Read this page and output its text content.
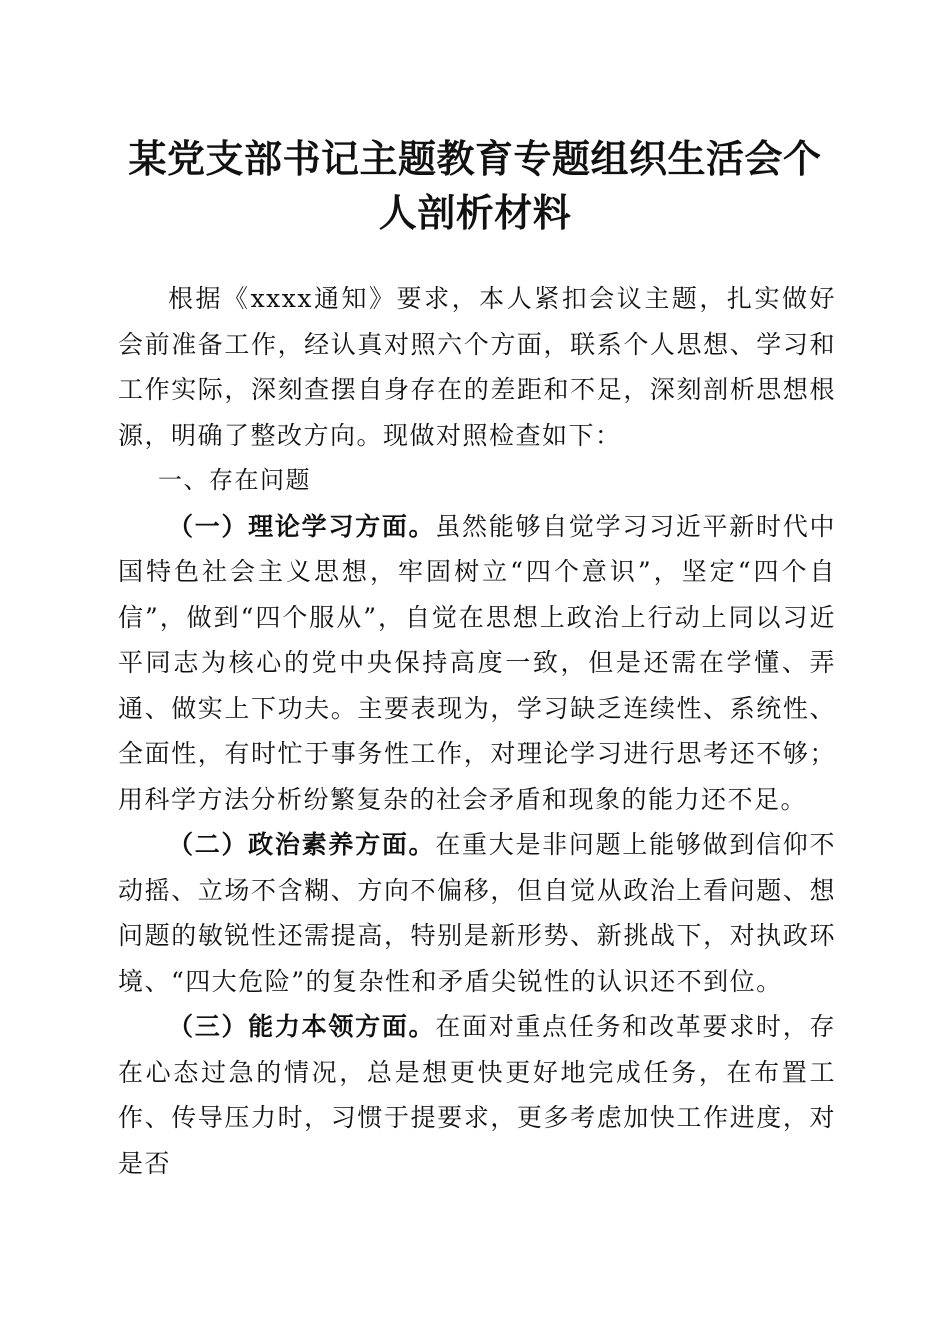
某党支部书记主题教育专题组织生活会个人剖析材料

根据《xxxx通知》要求，本人紧扣会议主题，扎实做好会前准备工作，经认真对照六个方面，联系个人思想、学习和工作实际，深刻查摆自身存在的差距和不足，深刻剖析思想根源，明确了整改方向。现做对照检查如下：

一、存在问题

（一）理论学习方面。虽然能够自觉学习习近平新时代中国特色社会主义思想，牢固树立“四个意识”，坚定“四个自信”，做到“四个服从”，自觉在思想上政治上行动上同以习近平同志为核心的党中央保持高度一致，但是还需在学懂、弄通、做实上下功夫。主要表现为，学习缺乏连续性、系统性、全面性，有时忙于事务性工作，对理论学习进行思考还不够；用科学方法分析纷繁复杂的社会矛盾和现象的能力还不足。

（二）政治素养方面。在重大是非问题上能够做到信仰不动摇、立场不含糊、方向不偏移，但自觉从政治上看问题、想问题的敏锐性还需提高，特别是新形势、新挑战下，对执政环境、“四大危险”的复杂性和矛盾尖锐性的认识还不到位。

（三）能力本领方面。在面对重点任务和改革要求时，存在心态过急的情况，总是想更快更好地完成任务，在布置工作、传导压力时，习惯于提要求，更多考虑加快工作进度，对是否
